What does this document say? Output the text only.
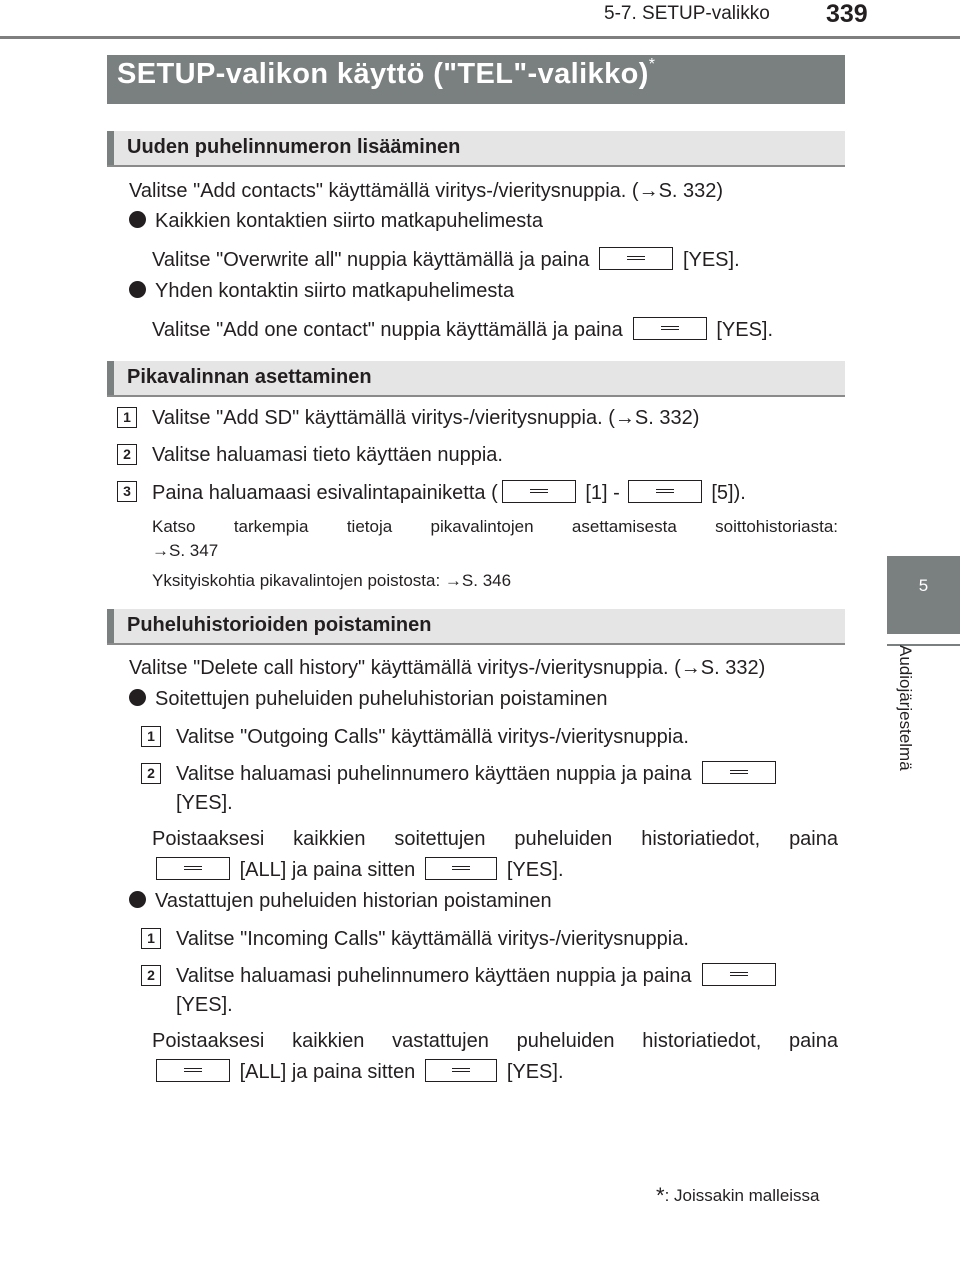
5-7. SETUP-valikko 339
5
Audiojärjestelmä
SETUP-valikon käyttö ("TEL"-valikko)*
Uuden puhelinnumeron lisääminen
Valitse "Add contacts" käyttämällä viritys-/vieritysnuppia. (→S. 332)
Kaikkien kontaktien siirto matkapuhelimesta
Valitse "Overwrite all" nuppia käyttämällä ja paina	[YES].
Yhden kontaktin siirto matkapuhelimesta
Valitse "Add one contact" nuppia käyttämällä ja paina	[YES].
Pikavalinnan asettaminen
1	Valitse "Add SD" käyttämällä viritys-/vieritysnuppia. (→S. 332)
2	Valitse haluamasi tieto käyttäen nuppia.
3	Paina haluamaasi esivalintapainiketta (	[1] -	[5]).
Katso tarkempia tietoja pikavalintojen asettamisesta soittohistoriasta:
→S. 347
Yksityiskohtia pikavalintojen poistosta: →S. 346
Puheluhistorioiden poistaminen
Valitse "Delete call history" käyttämällä viritys-/vieritysnuppia. (→S. 332)
Soitettujen puheluiden puheluhistorian poistaminen
1	Valitse "Outgoing Calls" käyttämällä viritys-/vieritysnuppia.
2	Valitse haluamasi puhelinnumero käyttäen nuppia ja paina
[YES].
Poistaaksesi kaikkien soitettujen puheluiden historiatiedot, paina
[ALL] ja paina sitten	[YES].
Vastattujen puheluiden historian poistaminen
1	Valitse "Incoming Calls" käyttämällä viritys-/vieritysnuppia.
2	Valitse haluamasi puhelinnumero käyttäen nuppia ja paina
[YES].
Poistaaksesi kaikkien vastattujen puheluiden historiatiedot, paina
[ALL] ja paina sitten	[YES].
*: Joissakin malleissa
